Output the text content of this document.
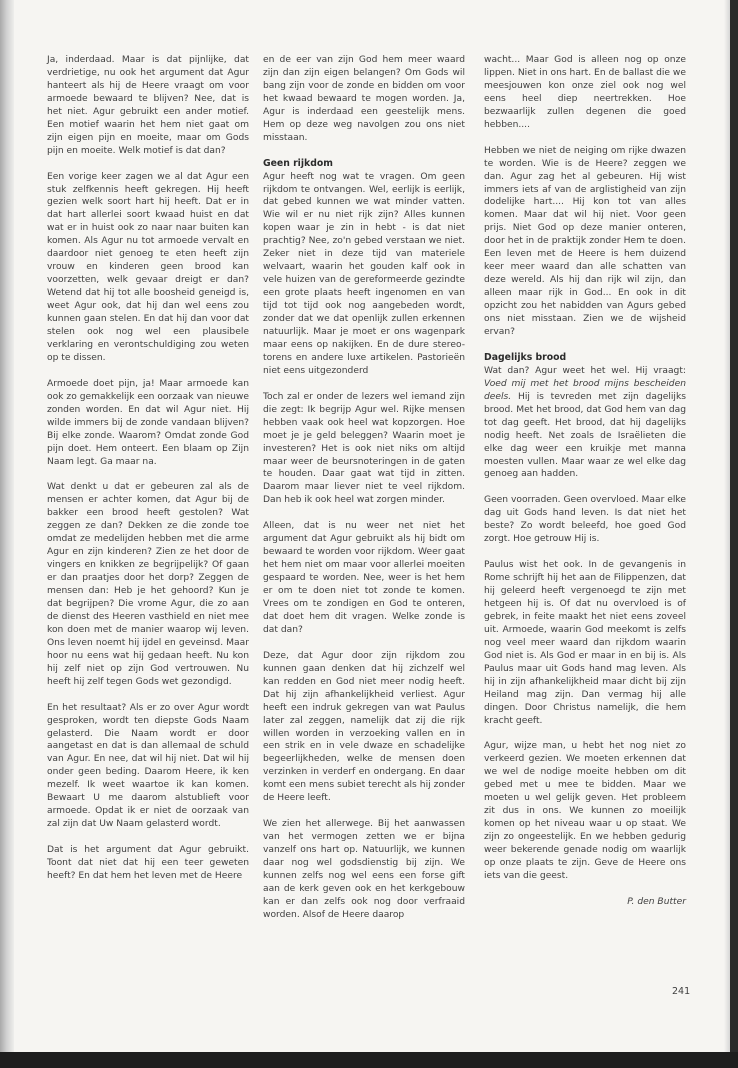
Ja, inderdaad. Maar is dat pijnlijke, dat verdrietige, nu ook het argument dat Agur hanteert als hij de Heere vraagt om voor armoede bewaard te blijven? Nee, dat is het niet. Agur gebruikt een ander motief. Een motief waarin het hem niet gaat om zijn eigen pijn en moeite, maar om Gods pijn en moeite. Welk motief is dat dan?

Een vorige keer zagen we al dat Agur een stuk zelfkennis heeft gekregen. Hij heeft gezien welk soort hart hij heeft. Dat er in dat hart allerlei soort kwaad huist en dat wat er in huist ook zo naar naar buiten kan komen. Als Agur nu tot armoede vervalt en daardoor niet genoeg te eten heeft zijn vrouw en kinderen geen brood kan voorzetten, welk gevaar dreigt er dan? Wetend dat hij tot alle boosheid geneigd is, weet Agur ook, dat hij dan wel eens zou kunnen gaan stelen. En dat hij dan voor dat stelen ook nog wel een plausibele verklaring en verontschuldiging zou weten op te dissen.

Armoede doet pijn, ja! Maar armoede kan ook zo gemakkelijk een oorzaak van nieuwe zonden worden. En dat wil Agur niet. Hij wilde immers bij de zonde vandaan blijven? Bij elke zonde. Waarom? Omdat zonde God pijn doet. Hem onteert. Een blaam op Zijn Naam legt. Ga maar na.

Wat denkt u dat er gebeuren zal als de mensen er achter komen, dat Agur bij de bakker een brood heeft gestolen? Wat zeggen ze dan? Dekken ze die zonde toe omdat ze medelijden hebben met die arme Agur en zijn kinderen? Zien ze het door de vingers en knikken ze begrijpelijk? Of gaan er dan praatjes door het dorp? Zeggen de mensen dan: Heb je het gehoord? Kun je dat begrijpen? Die vrome Agur, die zo aan de dienst des Heeren vasthield en niet mee kon doen met de manier waarop wij leven. Ons leven noemt hij ijdel en geveinsd. Maar hoor nu eens wat hij gedaan heeft. Nu kon hij zelf niet op zijn God vertrouwen. Nu heeft hij zelf tegen Gods wet gezondigd.

En het resultaat? Als er zo over Agur wordt gesproken, wordt ten diepste Gods Naam gelasterd. Die Naam wordt er door aangetast en dat is dan allemaal de schuld van Agur. En nee, dat wil hij niet. Dat wil hij onder geen beding. Daarom Heere, ik ken mezelf. Ik weet waartoe ik kan komen. Bewaart U me daarom alstublieft voor armoede. Opdat ik er niet de oorzaak van zal zijn dat Uw Naam gelasterd wordt.

Dat is het argument dat Agur gebruikt. Toont dat niet dat hij een teer geweten heeft? En dat hem het leven met de Heere

en de eer van zijn God hem meer waard zijn dan zijn eigen belangen? Om Gods wil bang zijn voor de zonde en bidden om voor het kwaad bewaard te mogen worden. Ja, Agur is inderdaad een geestelijk mens. Hem op deze weg navolgen zou ons niet misstaan.

Geen rijkdom

Agur heeft nog wat te vragen. Om geen rijkdom te ontvangen. Wel, eerlijk is eerlijk, dat gebed kunnen we wat minder vatten. Wie wil er nu niet rijk zijn? Alles kunnen kopen waar je zin in hebt - is dat niet prachtig? Nee, zo'n gebed verstaan we niet. Zeker niet in deze tijd van materiele welvaart, waarin het gouden kalf ook in vele huizen van de gereformeerde gezindte een grote plaats heeft ingenomen en van tijd tot tijd ook nog aangebeden wordt, zonder dat we dat openlijk zullen erkennen natuurlijk. Maar je moet er ons wagenpark maar eens op nakijken. En de dure stereo-torens en andere luxe artikelen. Pastorieën niet eens uitgezonderd

Toch zal er onder de lezers wel iemand zijn die zegt: Ik begrijp Agur wel. Rijke mensen hebben vaak ook heel wat kopzorgen. Hoe moet je je geld beleggen? Waarin moet je investeren? Het is ook niet niks om altijd maar weer de beursnoteringen in de gaten te houden. Daar gaat wat tijd in zitten. Daarom maar liever niet te veel rijkdom. Dan heb ik ook heel wat zorgen minder.

Alleen, dat is nu weer net niet het argument dat Agur gebruikt als hij bidt om bewaard te worden voor rijkdom. Weer gaat het hem niet om maar voor allerlei moeiten gespaard te worden. Nee, weer is het hem er om te doen niet tot zonde te komen. Vrees om te zondigen en God te onteren, dat doet hem dit vragen. Welke zonde is dat dan?

Deze, dat Agur door zijn rijkdom zou kunnen gaan denken dat hij zichzelf wel kan redden en God niet meer nodig heeft. Dat hij zijn afhankelijkheid verliest. Agur heeft een indruk gekregen van wat Paulus later zal zeggen, namelijk dat zij die rijk willen worden in verzoeking vallen en in een strik en in vele dwaze en schadelijke begeerlijkheden, welke de mensen doen verzinken in verderf en ondergang. En daar komt een mens subiet terecht als hij zonder de Heere leeft.

We zien het allerwege. Bij het aanwassen van het vermogen zetten we er bijna vanzelf ons hart op. Natuurlijk, we kunnen daar nog wel godsdienstig bij zijn. We kunnen zelfs nog wel eens een forse gift aan de kerk geven ook en het kerkgebouw kan er dan zelfs ook nog door verfraaid worden. Alsof de Heere daarop

wacht... Maar God is alleen nog op onze lippen. Niet in ons hart. En de ballast die we meesjouwen kon onze ziel ook nog wel eens heel diep neertrekken. Hoe bezwaarlijk zullen degenen die goed hebben....

Hebben we niet de neiging om rijke dwazen te worden. Wie is de Heere? zeggen we dan. Agur zag het al gebeuren. Hij wist immers iets af van de arglistigheid van zijn dodelijke hart.... Hij kon tot van alles komen. Maar dat wil hij niet. Voor geen prijs. Niet God op deze manier onteren, door het in de praktijk zonder Hem te doen. Een leven met de Heere is hem duizend keer meer waard dan alle schatten van deze wereld. Als hij dan rijk wil zijn, dan alleen maar rijk in God... En ook in dit opzicht zou het nabidden van Agurs gebed ons niet misstaan. Zien we de wijsheid ervan?

Dagelijks brood

Wat dan? Agur weet het wel. Hij vraagt: Voed mij met het brood mijns bescheiden deels. Hij is tevreden met zijn dagelijks brood. Met het brood, dat God hem van dag tot dag geeft. Het brood, dat hij dagelijks nodig heeft. Net zoals de Israëlieten die elke dag weer een kruikje met manna moesten vullen. Maar waar ze wel elke dag genoeg aan hadden.

Geen voorraden. Geen overvloed. Maar elke dag uit Gods hand leven. Is dat niet het beste? Zo wordt beleefd, hoe goed God zorgt. Hoe getrouw Hij is.

Paulus wist het ook. In de gevangenis in Rome schrijft hij het aan de Filippenzen, dat hij geleerd heeft vergenoegd te zijn met hetgeen hij is. Of dat nu overvloed is of gebrek, in feite maakt het niet eens zoveel uit. Armoede, waarin God meekomt is zelfs nog veel meer waard dan rijkdom waarin God niet is. Als God er maar in en bij is. Als Paulus maar uit Gods hand mag leven. Als hij in zijn afhankelijkheid maar dicht bij zijn Heiland mag zijn. Dan vermag hij alle dingen. Door Christus namelijk, die hem kracht geeft.

Agur, wijze man, u hebt het nog niet zo verkeerd gezien. We moeten erkennen dat we wel de nodige moeite hebben om dit gebed met u mee te bidden. Maar we moeten u wel gelijk geven. Het probleem zit dus in ons. We kunnen zo moeilijk komen op het niveau waar u op staat. We zijn zo ongeestelijk. En we hebben gedurig weer bekerende genade nodig om waarlijk op onze plaats te zijn. Geve de Heere ons iets van die geest.

P. den Butter

241
